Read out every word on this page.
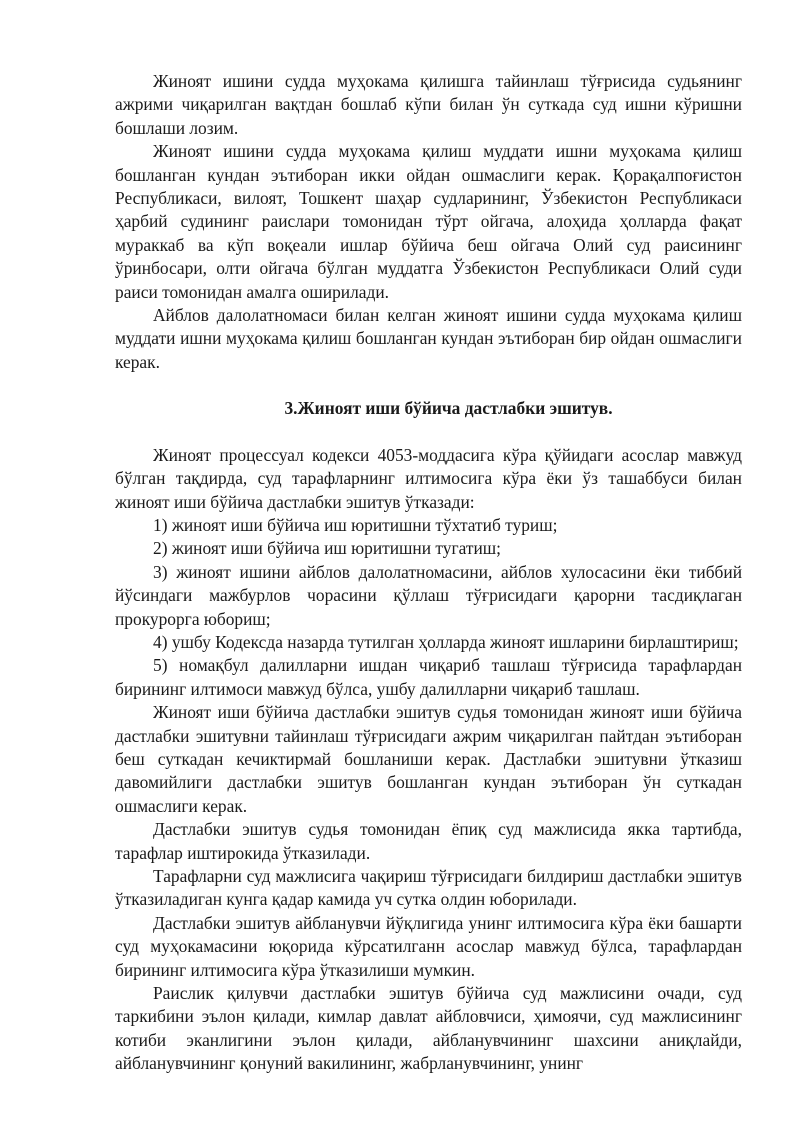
Жиноят ишини судда муҳокама қилишга тайинлаш тўғрисида судьянинг ажрими чиқарилган вақтдан бошлаб кўпи билан ўн суткада суд ишни кўришни бошлаши лозим.

Жиноят ишини судда муҳокама қилиш муддати ишни муҳокама қилиш бошланган кундан эътиборан икки ойдан ошмаслиги керак. Қорақалпоғистон Республикаси, вилоят, Тошкент шаҳар судларининг, Ўзбекистон Республикаси ҳарбий судининг раислари томонидан тўрт ойгача, алоҳида ҳолларда фақат мураккаб ва кўп воқеали ишлар бўйича беш ойгача Олий суд раисининг ўринбосари, олти ойгача бўлган муддатга Ўзбекистон Республикаси Олий суди раиси томонидан амалга оширилади.

Айблов далолатномаси билан келган жиноят ишини судда муҳокама қилиш муддати ишни муҳокама қилиш бошланган кундан эътиборан бир ойдан ошмаслиги керак.

3.Жиноят иши бўйича дастлабки эшитув.

Жиноят процессуал кодекси 4053-моддасига кўра қўйидаги асослар мавжуд бўлган тақдирда, суд тарафларнинг илтимосига кўра ёки ўз ташаббуси билан жиноят иши бўйича дастлабки эшитув ўтказади:

1) жиноят иши бўйича иш юритишни тўхтатиб туриш;

2) жиноят иши бўйича иш юритишни тугатиш;

3) жиноят ишини айблов далолатномасини, айблов хулосасини ёки тиббий йўсиндаги мажбурлов чорасини қўллаш тўғрисидаги қарорни тасдиқлаган прокурорга юбориш;

4) ушбу Кодексда назарда тутилган ҳолларда жиноят ишларини бирлаштириш;

5) номақбул далилларни ишдан чиқариб ташлаш тўғрисида тарафлардан бирининг илтимоси мавжуд бўлса, ушбу далилларни чиқариб ташлаш.

Жиноят иши бўйича дастлабки эшитув судья томонидан жиноят иши бўйича дастлабки эшитувни тайинлаш тўғрисидаги ажрим чиқарилган пайтдан эътиборан беш суткадан кечиктирмай бошланиши керак. Дастлабки эшитувни ўтказиш давомийлиги дастлабки эшитув бошланган кундан эътиборан ўн суткадан ошмаслиги керак.

Дастлабки эшитув судья томонидан ёпиқ суд мажлисида якка тартибда, тарафлар иштирокида ўтказилади.

Тарафларни суд мажлисига чақириш тўғрисидаги билдириш дастлабки эшитув ўтказиладиган кунга қадар камида уч сутка олдин юборилади.

Дастлабки эшитув айбланувчи йўқлигида унинг илтимосига кўра ёки башарти суд муҳокамасини юқорида кўрсатилганн асослар мавжуд бўлса, тарафлардан бирининг илтимосига кўра ўтказилиши мумкин.

Раислик қилувчи дастлабки эшитув бўйича суд мажлисини очади, суд таркибини эълон қилади, кимлар давлат айбловчиси, ҳимоячи, суд мажлисининг котиби эканлигини эълон қилади, айбланувчининг шахсини аниқлайди, айбланувчининг қонуний вакилининг, жабрланувчининг, унинг
